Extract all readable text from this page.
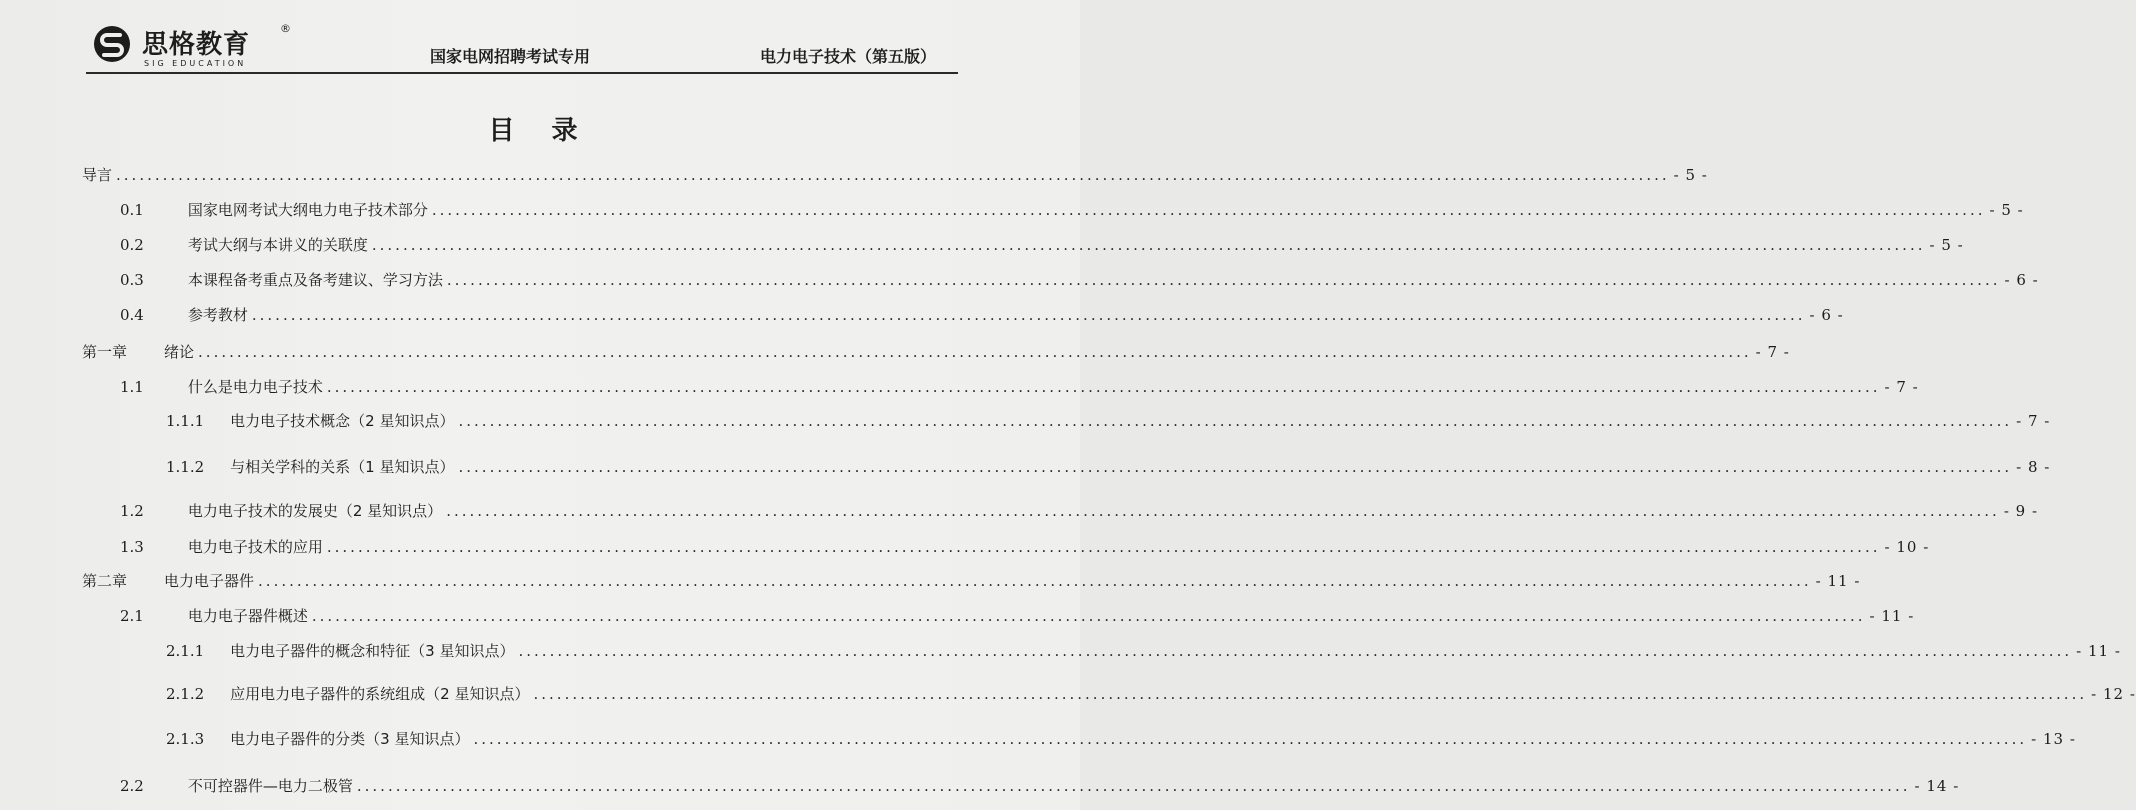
思格教育
®
SIG EDUCATION	国家电网招聘考试专用	电力电子技术（第五版）
目 录
导言 ........................................................................................................................................................................................................ - 5 -
0.1	国家电网考试大纲电力电子技术部分 ........................................................................................................................................................................................................ - 5 -
0.2	考试大纲与本讲义的关联度 ........................................................................................................................................................................................................ - 5 -
0.3	本课程备考重点及备考建议、学习方法 ........................................................................................................................................................................................................ - 6 -
0.4	参考教材 ........................................................................................................................................................................................................ - 6 -
第一章 绪论 ........................................................................................................................................................................................................ - 7 -
1.1	什么是电力电子技术 ........................................................................................................................................................................................................ - 7 -
1.1.1 电力电子技术概念（2 星知识点） ........................................................................................................................................................................................................ - 7 -
1.1.2 与相关学科的关系（1 星知识点） ........................................................................................................................................................................................................ - 8 -
1.2	电力电子技术的发展史（2 星知识点） ........................................................................................................................................................................................................ - 9 -
1.3	电力电子技术的应用 ........................................................................................................................................................................................................ - 10 -
第二章 电力电子器件 ........................................................................................................................................................................................................ - 11 -
2.1	电力电子器件概述 ........................................................................................................................................................................................................ - 11 -
2.1.1 电力电子器件的概念和特征（3 星知识点） ........................................................................................................................................................................................................ - 11 -
2.1.2 应用电力电子器件的系统组成（2 星知识点） ........................................................................................................................................................................................................ - 12 -
2.1.3 电力电子器件的分类（3 星知识点） ........................................................................................................................................................................................................ - 13 -
2.2	不可控器件—电力二极管 ........................................................................................................................................................................................................ - 14 -
